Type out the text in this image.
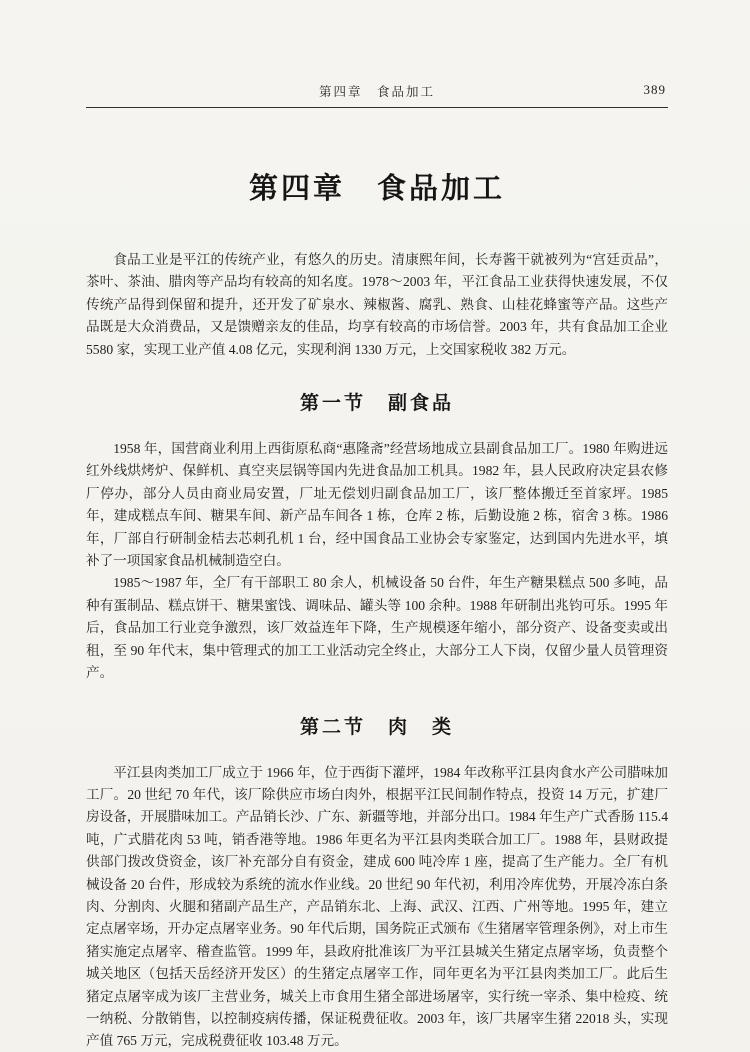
第四章　食品加工	389
第四章　食品加工

食品工业是平江的传统产业，有悠久的历史。清康熙年间，长寿酱干就被列为“宫廷贡品”，茶叶、茶油、腊肉等产品均有较高的知名度。1978～2003 年，平江食品工业获得快速发展，不仅传统产品得到保留和提升，还开发了矿泉水、辣椒酱、腐乳、熟食、山桂花蜂蜜等产品。这些产品既是大众消费品，又是馈赠亲友的佳品，均享有较高的市场信誉。2003 年，共有食品加工企业 5580 家，实现工业产值 4.08 亿元，实现利润 1330 万元，上交国家税收 382 万元。

第一节　副食品

1958 年，国营商业利用上西街原私商“惠隆斋”经营场地成立县副食品加工厂。1980 年购进远红外线烘烤炉、保鲜机、真空夹层锅等国内先进食品加工机具。1982 年，县人民政府决定县农修厂停办，部分人员由商业局安置，厂址无偿划归副食品加工厂，该厂整体搬迁至首家坪。1985 年，建成糕点车间、糖果车间、新产品车间各 1 栋，仓库 2 栋，后勤设施 2 栋，宿舍 3 栋。1986 年，厂部自行研制金桔去芯刺孔机 1 台，经中国食品工业协会专家鉴定，达到国内先进水平，填补了一项国家食品机械制造空白。

1985～1987 年，全厂有干部职工 80 余人，机械设备 50 台件，年生产糖果糕点 500 多吨，品种有蛋制品、糕点饼干、糖果蜜饯、调味品、罐头等 100 余种。1988 年研制出兆钧可乐。1995 年后，食品加工行业竞争激烈，该厂效益连年下降，生产规模逐年缩小，部分资产、设备变卖或出租，至 90 年代末，集中管理式的加工工业活动完全终止，大部分工人下岗，仅留少量人员管理资产。

第二节　肉　类

平江县肉类加工厂成立于 1966 年，位于西街下灌坪，1984 年改称平江县肉食水产公司腊味加工厂。20 世纪 70 年代，该厂除供应市场白肉外，根据平江民间制作特点，投资 14 万元，扩建厂房设备，开展腊味加工。产品销长沙、广东、新疆等地，并部分出口。1984 年生产广式香肠 115.4 吨，广式腊花肉 53 吨，销香港等地。1986 年更名为平江县肉类联合加工厂。1988 年，县财政提供部门拨改贷资金，该厂补充部分自有资金，建成 600 吨冷库 1 座，提高了生产能力。全厂有机械设备 20 台件，形成较为系统的流水作业线。20 世纪 90 年代初，利用冷库优势，开展冷冻白条肉、分割肉、火腿和猪副产品生产，产品销东北、上海、武汉、江西、广州等地。1995 年，建立定点屠宰场，开办定点屠宰业务。90 年代后期，国务院正式颁布《生猪屠宰管理条例》，对上市生猪实施定点屠宰、稽查监管。1999 年，县政府批准该厂为平江县城关生猪定点屠宰场，负责整个城关地区（包括天岳经济开发区）的生猪定点屠宰工作，同年更名为平江县肉类加工厂。此后生猪定点屠宰成为该厂主营业务，城关上市食用生猪全部进场屠宰，实行统一宰杀、集中检疫、统一纳税、分散销售，以控制疫病传播，保证税费征收。2003 年，该厂共屠宰生猪 22018 头，实现产值 765 万元，完成税费征收 103.48 万元。
